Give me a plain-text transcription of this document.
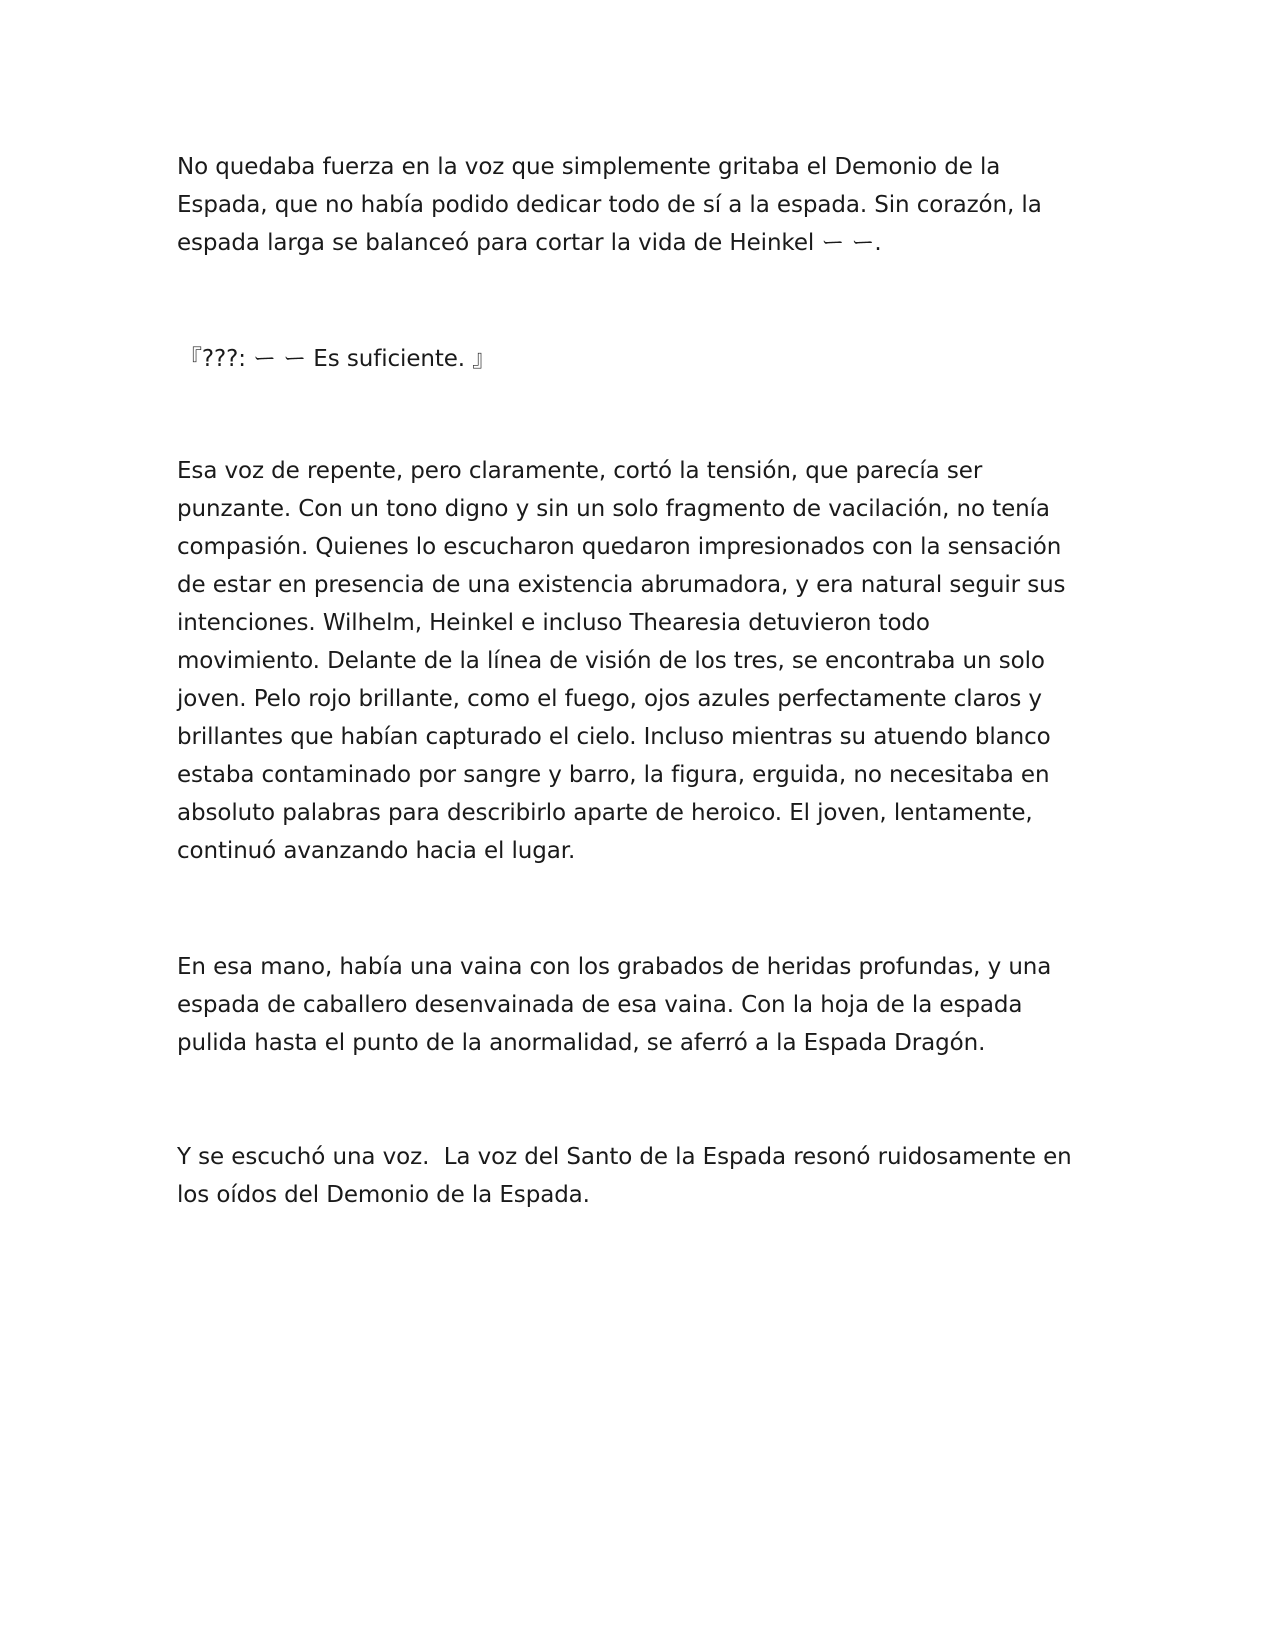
No quedaba fuerza en la voz que simplemente gritaba el Demonio de la
Espada, que no había podido dedicar todo de sí a la espada. Sin corazón, la
espada larga se balanceó para cortar la vida de Heinkel ー ー.

『???: ー ー Es suficiente. 』

Esa voz de repente, pero claramente, cortó la tensión, que parecía ser
punzante. Con un tono digno y sin un solo fragmento de vacilación, no tenía
compasión. Quienes lo escucharon quedaron impresionados con la sensación
de estar en presencia de una existencia abrumadora, y era natural seguir sus
intenciones. Wilhelm, Heinkel e incluso Thearesia detuvieron todo
movimiento. Delante de la línea de visión de los tres, se encontraba un solo
joven. Pelo rojo brillante, como el fuego, ojos azules perfectamente claros y
brillantes que habían capturado el cielo. Incluso mientras su atuendo blanco
estaba contaminado por sangre y barro, la figura, erguida, no necesitaba en
absoluto palabras para describirlo aparte de heroico. El joven, lentamente,
continuó avanzando hacia el lugar.

En esa mano, había una vaina con los grabados de heridas profundas, y una
espada de caballero desenvainada de esa vaina. Con la hoja de la espada
pulida hasta el punto de la anormalidad, se aferró a la Espada Dragón.

Y se escuchó una voz.  La voz del Santo de la Espada resonó ruidosamente en
los oídos del Demonio de la Espada.
